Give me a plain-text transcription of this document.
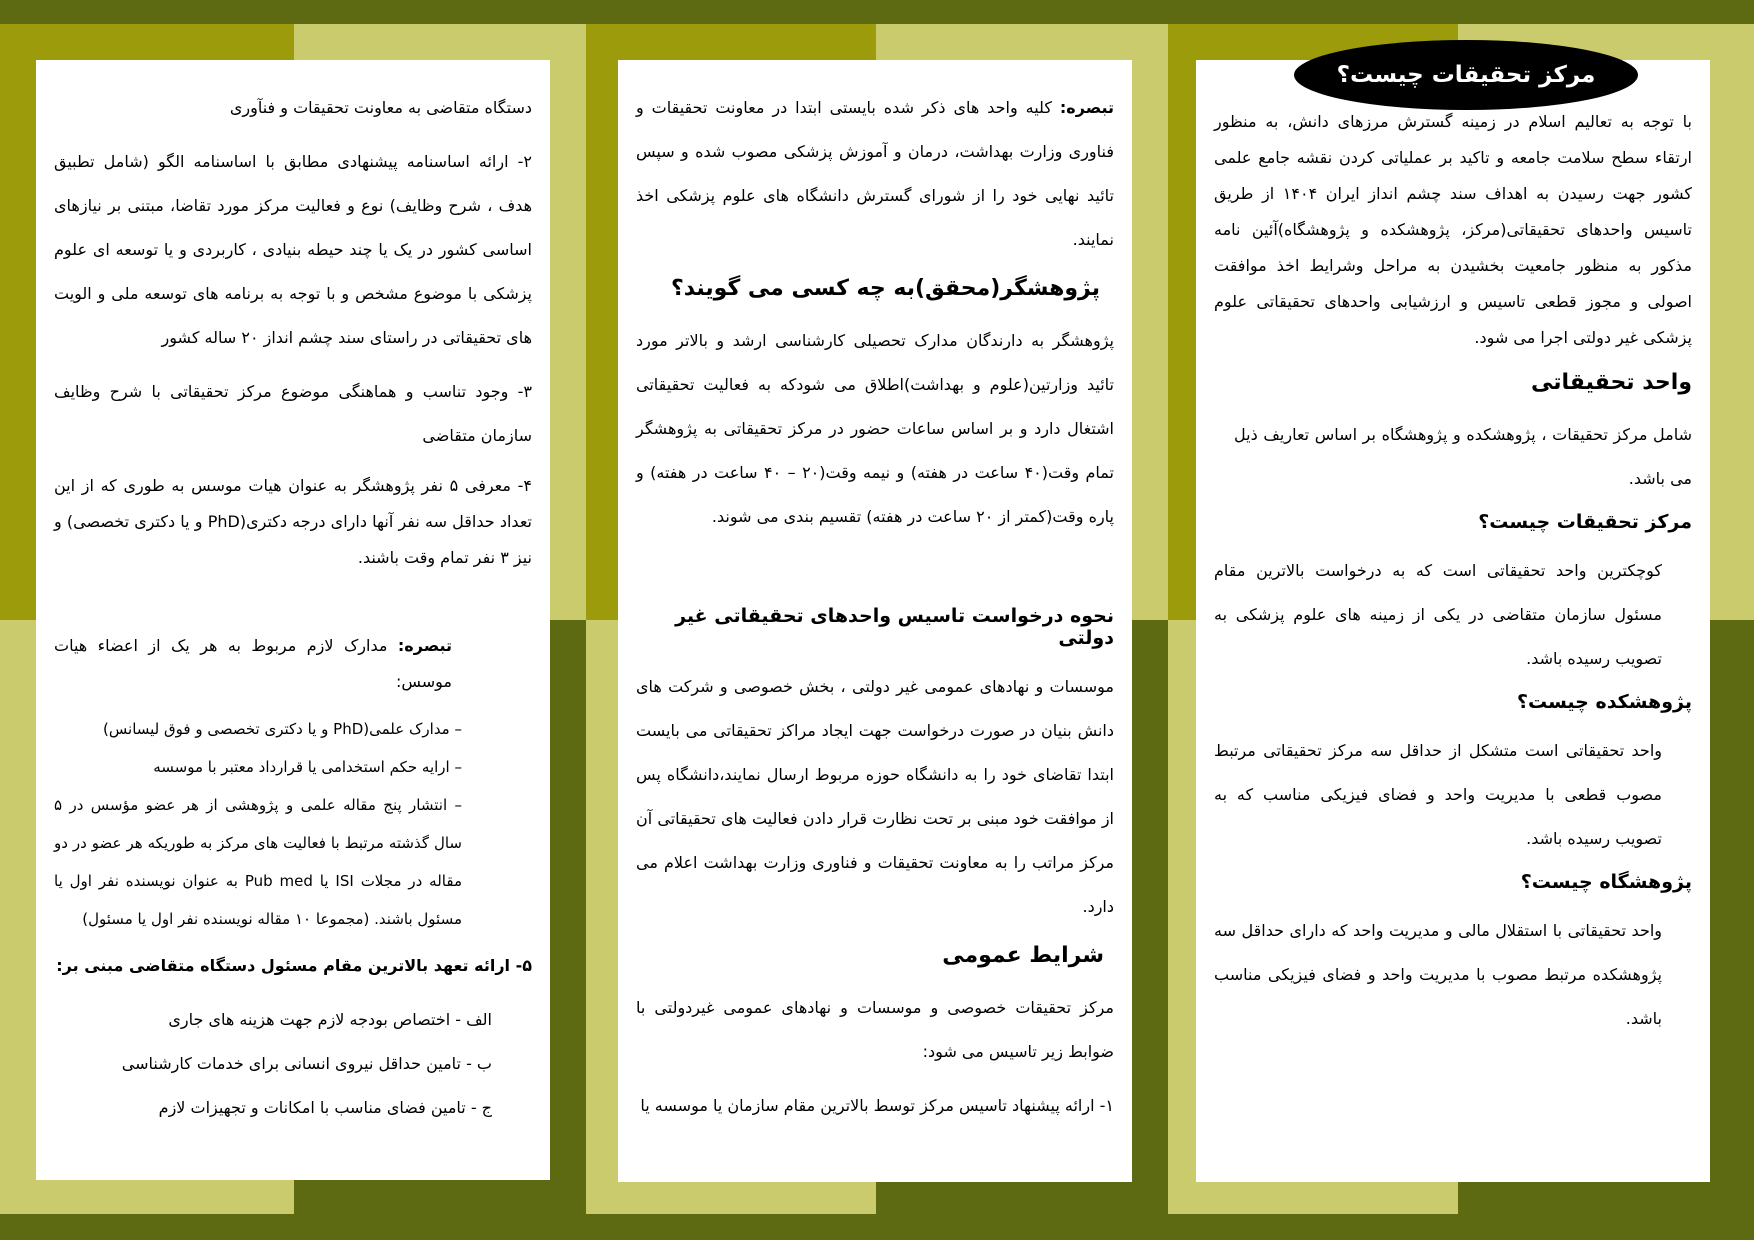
دستگاه متقاضی به معاونت تحقیقات و فنآوری

۲- ارائه اساسنامه پیشنهادی مطابق با اساسنامه الگو (شامل تطبیق هدف ، شرح وظایف) نوع و فعالیت مرکز مورد تقاضا، مبتنی بر نیازهای اساسی کشور در یک یا چند حیطه بنیادی ، کاربردی و یا توسعه ای علوم پزشکی با موضوع مشخص و با توجه به برنامه های توسعه ملی و الویت های تحقیقاتی در راستای سند چشم انداز ۲۰ ساله کشور

۳- وجود تناسب و هماهنگی موضوع مرکز تحقیقاتی با شرح وظایف سازمان متقاضی

۴- معرفی ۵ نفر پژوهشگر به عنوان هیات موسس به طوری که از این تعداد حداقل سه نفر آنها دارای درجه دکتری(PhD و یا دکتری تخصصی) و نیز ۳ نفر تمام وقت باشند.

تبصره: مدارک لازم مربوط به هر یک از اعضاء هیات موسس:

– مدارک علمی(PhD و یا دکتری تخصصی و فوق لیسانس)
– ارایه حکم استخدامی یا قرارداد معتبر با موسسه
– انتشار پنج مقاله علمی و پژوهشی از هر عضو مؤسس در ۵ سال گذشته مرتبط با فعالیت های مرکز به طوریکه هر عضو در دو مقاله در مجلات ISI یا Pub med به عنوان نویسنده نفر اول یا مسئول باشند. (مجموعا ۱۰ مقاله نویسنده نفر اول یا مسئول)

۵- ارائه تعهد بالاترین مقام مسئول دستگاه متقاضی مبنی بر:

الف - اختصاص بودجه لازم جهت هزینه های جاری
ب - تامین حداقل نیروی انسانی برای خدمات کارشناسی
ج - تامین فضای مناسب با امکانات و تجهیزات لازم

تبصره: کلیه واحد های ذکر شده بایستی ابتدا در معاونت تحقیقات و فناوری وزارت بهداشت، درمان و آموزش پزشکی مصوب شده و سپس تائید نهایی خود را از شورای گسترش دانشگاه های علوم پزشکی اخذ نمایند.

پژوهشگر(محقق)به چه کسی می گویند؟

پژوهشگر به دارندگان مدارک تحصیلی کارشناسی ارشد و بالاتر مورد تائید وزارتین(علوم و بهداشت)اطلاق می شودکه به فعالیت تحقیقاتی اشتغال دارد و بر اساس ساعات حضور در مرکز تحقیقاتی به پژوهشگر تمام وقت(۴۰ ساعت در هفته) و نیمه وقت(۲۰ – ۴۰ ساعت در هفته) و پاره وقت(کمتر از ۲۰ ساعت در هفته) تقسیم بندی می شوند.

نحوه درخواست تاسیس واحدهای تحقیقاتی غیر دولتی

موسسات و نهادهای عمومی غیر دولتی ، بخش خصوصی و شرکت های دانش بنیان در صورت درخواست جهت ایجاد مراکز تحقیقاتی می بایست ابتدا تقاضای خود را به دانشگاه حوزه مربوط ارسال نمایند،دانشگاه پس از موافقت خود مبنی بر تحت نظارت قرار دادن فعالیت های تحقیقاتی آن مرکز مراتب را به معاونت تحقیقات و فناوری وزارت بهداشت اعلام می دارد.

شرایط عمومی

مرکز تحقیقات خصوصی و موسسات و نهادهای عمومی غیردولتی با ضوابط زیر تاسیس می شود:

۱- ارائه پیشنهاد تاسیس مرکز توسط بالاترین مقام سازمان یا موسسه یا

با توجه به تعالیم اسلام در زمینه گسترش مرزهای دانش، به منظور ارتقاء سطح سلامت جامعه و تاکید بر عملیاتی کردن نقشه جامع علمی کشور جهت رسیدن به اهداف سند چشم انداز ایران ۱۴۰۴ از طریق تاسیس واحدهای تحقیقاتی(مرکز، پژوهشکده و پژوهشگاه)آئین نامه مذکور به منظور جامعیت بخشیدن به مراحل وشرایط اخذ موافقت اصولی و مجوز قطعی تاسیس و ارزشیابی واحدهای تحقیقاتی علوم پزشکی غیر دولتی اجرا می شود.

واحد تحقیقاتی

شامل مرکز تحقیقات ، پژوهشکده و پژوهشگاه بر اساس تعاریف ذیل می باشد.

مرکز تحقیقات چیست؟

کوچکترین واحد تحقیقاتی است که به درخواست بالاترین مقام مسئول سازمان متقاضی در یکی از زمینه های علوم پزشکی به تصویب رسیده باشد.

پژوهشکده چیست؟

واحد تحقیقاتی است متشکل از حداقل سه مرکز تحقیقاتی مرتبط مصوب قطعی با مدیریت واحد و فضای فیزیکی مناسب که به تصویب رسیده باشد.

پژوهشگاه چیست؟

واحد تحقیقاتی با استقلال مالی و مدیریت واحد که دارای حداقل سه پژوهشکده مرتبط مصوب با مدیریت واحد و فضای فیزیکی مناسب باشد.

مرکز تحقیقات چیست؟
